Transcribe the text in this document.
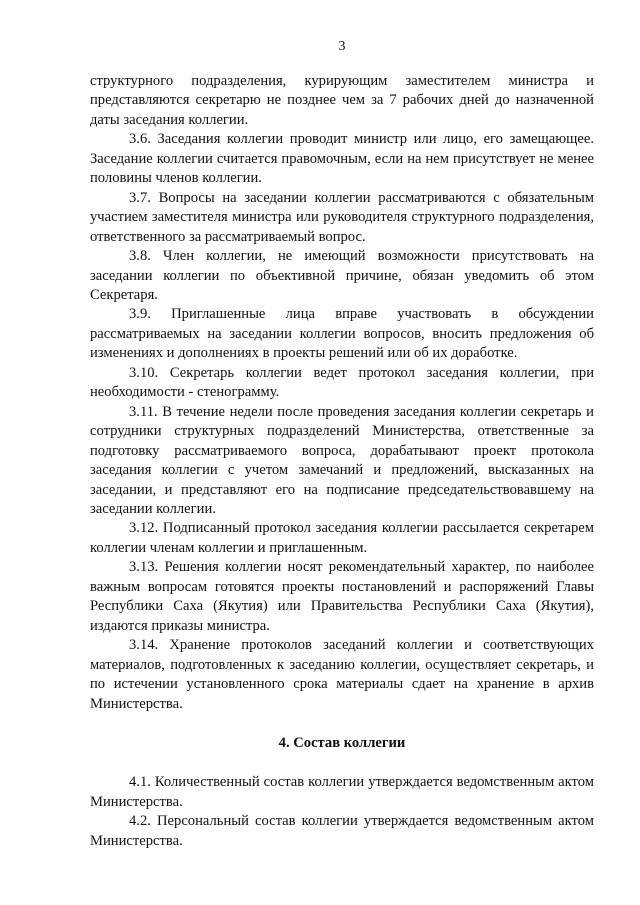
3

структурного подразделения, курирующим заместителем министра и представляются секретарю не позднее чем за 7 рабочих дней до назначенной даты заседания коллегии.

3.6. Заседания коллегии проводит министр или лицо, его замещающее. Заседание коллегии считается правомочным, если на нем присутствует не менее половины членов коллегии.

3.7. Вопросы на заседании коллегии рассматриваются с обязательным участием заместителя министра или руководителя структурного подразделения, ответственного за рассматриваемый вопрос.

3.8. Член коллегии, не имеющий возможности присутствовать на заседании коллегии по объективной причине, обязан уведомить об этом Секретаря.

3.9. Приглашенные лица вправе участвовать в обсуждении рассматриваемых на заседании коллегии вопросов, вносить предложения об изменениях и дополнениях в проекты решений или об их доработке.

3.10. Секретарь коллегии ведет протокол заседания коллегии, при необходимости - стенограмму.

3.11. В течение недели после проведения заседания коллегии секретарь и сотрудники структурных подразделений Министерства, ответственные за подготовку рассматриваемого вопроса, дорабатывают проект протокола заседания коллегии с учетом замечаний и предложений, высказанных на заседании, и представляют его на подписание председательствовавшему на заседании коллегии.

3.12. Подписанный протокол заседания коллегии рассылается секретарем коллегии членам коллегии и приглашенным.

3.13. Решения коллегии носят рекомендательный характер, по наиболее важным вопросам готовятся проекты постановлений и распоряжений Главы Республики Саха (Якутия) или Правительства Республики Саха (Якутия), издаются приказы министра.

3.14. Хранение протоколов заседаний коллегии и соответствующих материалов, подготовленных к заседанию коллегии, осуществляет секретарь, и по истечении установленного срока материалы сдает на хранение в архив Министерства.

4. Состав коллегии

4.1. Количественный состав коллегии утверждается ведомственным актом Министерства.

4.2. Персональный состав коллегии утверждается ведомственным актом Министерства.
